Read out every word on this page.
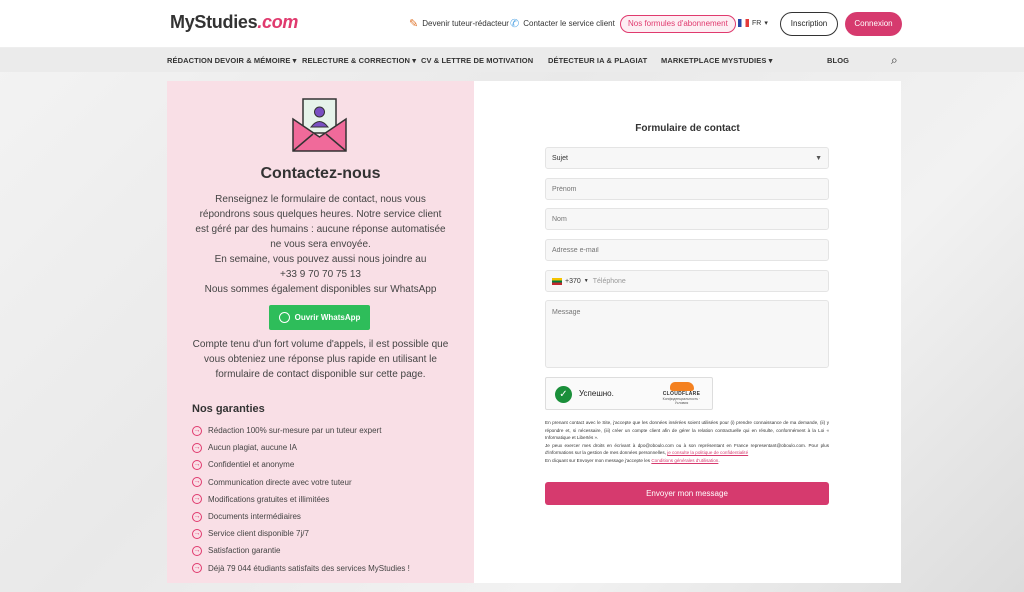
MyStudies.com	✎ Devenir tuteur-rédacteur ✆ Contacter le service client	Nos formules d'abonnement	FR ▾	Inscription	Connexion
RÉDACTION DEVOIR & MÉMOIRE ▾ RELECTURE & CORRECTION ▾ CV & LETTRE DE MOTIVATION DÉTECTEUR IA & PLAGIAT MARKETPLACE MYSTUDIES ▾	BLOG	⌕
Contactez-nous
Renseignez le formulaire de contact, nous vous
répondrons sous quelques heures. Notre service client
est géré par des humains : aucune réponse automatisée
ne vous sera envoyée.
En semaine, vous pouvez aussi nous joindre au
+33 9 70 70 75 13
Nous sommes également disponibles sur WhatsApp
Ouvrir WhatsApp
Compte tenu d'un fort volume d'appels, il est possible que
vous obteniez une réponse plus rapide en utilisant le
formulaire de contact disponible sur cette page.
Nos garanties
→ Rédaction 100% sur-mesure par un tuteur expert
→ Aucun plagiat, aucune IA
→ Confidentiel et anonyme
→ Communication directe avec votre tuteur
→ Modifications gratuites et illimitées
→ Documents intermédiaires
→ Service client disponible 7j/7
→ Satisfaction garantie
→ Déjà 79 044 étudiants satisfaits des services MyStudies !
Formulaire de contact
Sujet	▼
Prénom
Nom
Adresse e-mail
+370 ▼ Téléphone
Message
✓	Успешно.	CLOUDFLARE
Конфиденциальность · Условия
En prenant contact avec le Site, j'accepte que les données insérées soient utilisées pour (i) prendre connaissance de ma demande, (ii) y répondre et, si nécessaire, (iii) créer un compte client afin de gérer la relation contractuelle qui en résulte, conformément à la Loi « Informatique et Libertés ».
Je peux exercer mes droits en écrivant à dpo@oboulo.com ou à son représentant en France representant@oboulo.com. Pour plus d'informations sur la gestion de mes données personnelles, je consulte la politique de confidentialité
En cliquant sur Envoyer mon message j'accepte les Conditions générales d'utilisation.
Envoyer mon message
